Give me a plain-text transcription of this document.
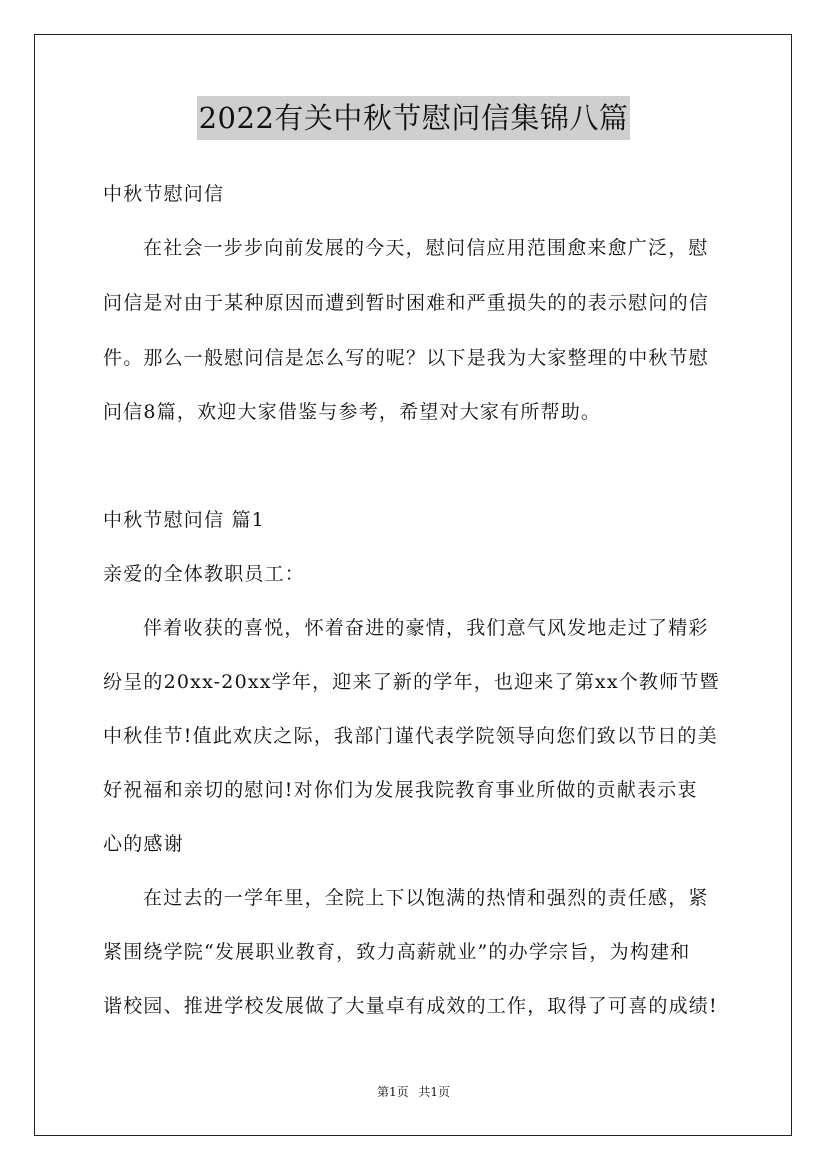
2022有关中秋节慰问信集锦八篇
中秋节慰问信
在社会一步步向前发展的今天，慰问信应用范围愈来愈广泛，慰
问信是对由于某种原因而遭到暂时困难和严重损失的的表示慰问的信
件。那么一般慰问信是怎么写的呢？以下是我为大家整理的中秋节慰
问信8篇，欢迎大家借鉴与参考，希望对大家有所帮助。
中秋节慰问信 篇1
亲爱的全体教职员工：
伴着收获的喜悦，怀着奋进的豪情，我们意气风发地走过了精彩
纷呈的20xx-20xx学年，迎来了新的学年，也迎来了第xx个教师节暨
中秋佳节!值此欢庆之际，我部门谨代表学院领导向您们致以节日的美
好祝福和亲切的慰问!对你们为发展我院教育事业所做的贡献表示衷
心的感谢
在过去的一学年里，全院上下以饱满的热情和强烈的责任感，紧
紧围绕学院“发展职业教育，致力高薪就业”的办学宗旨，为构建和
谐校园、推进学校发展做了大量卓有成效的工作，取得了可喜的成绩!
第1页 共1页
